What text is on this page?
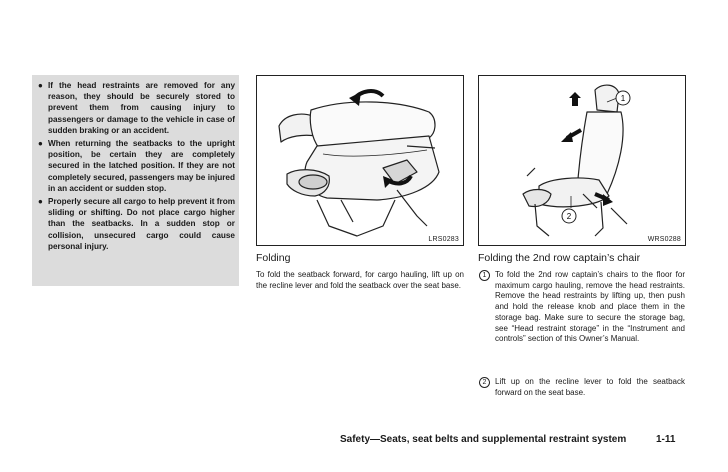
● If the head restraints are removed for any reason, they should be securely stored to prevent them from causing injury to passengers or damage to the vehicle in case of sudden braking or an accident.
● When returning the seatbacks to the upright position, be certain they are completely secured in the latched position. If they are not completely secured, passengers may be injured in an accident or sudden stop.
● Properly secure all cargo to help prevent it from sliding or shifting. Do not place cargo higher than the seatbacks. In a sudden stop or collision, unsecured cargo could cause personal injury.
LRS0283
1
2
WRS0288
Folding
To fold the seatback forward, for cargo hauling, lift up on the recline lever and fold the seatback over the seat base.
Folding the 2nd row captain’s chair
1	To fold the 2nd row captain’s chairs to the floor for maximum cargo hauling, remove the head restraints. Remove the head restraints by lifting up, then push and hold the release knob and place them in the storage bag. Make sure to secure the storage bag, see “Head restraint storage” in the “Instrument and controls” section of this Owner’s Manual.
2	Lift up on the recline lever to fold the seatback forward on the seat base.
Safety—Seats, seat belts and supplemental restraint system	1-11
